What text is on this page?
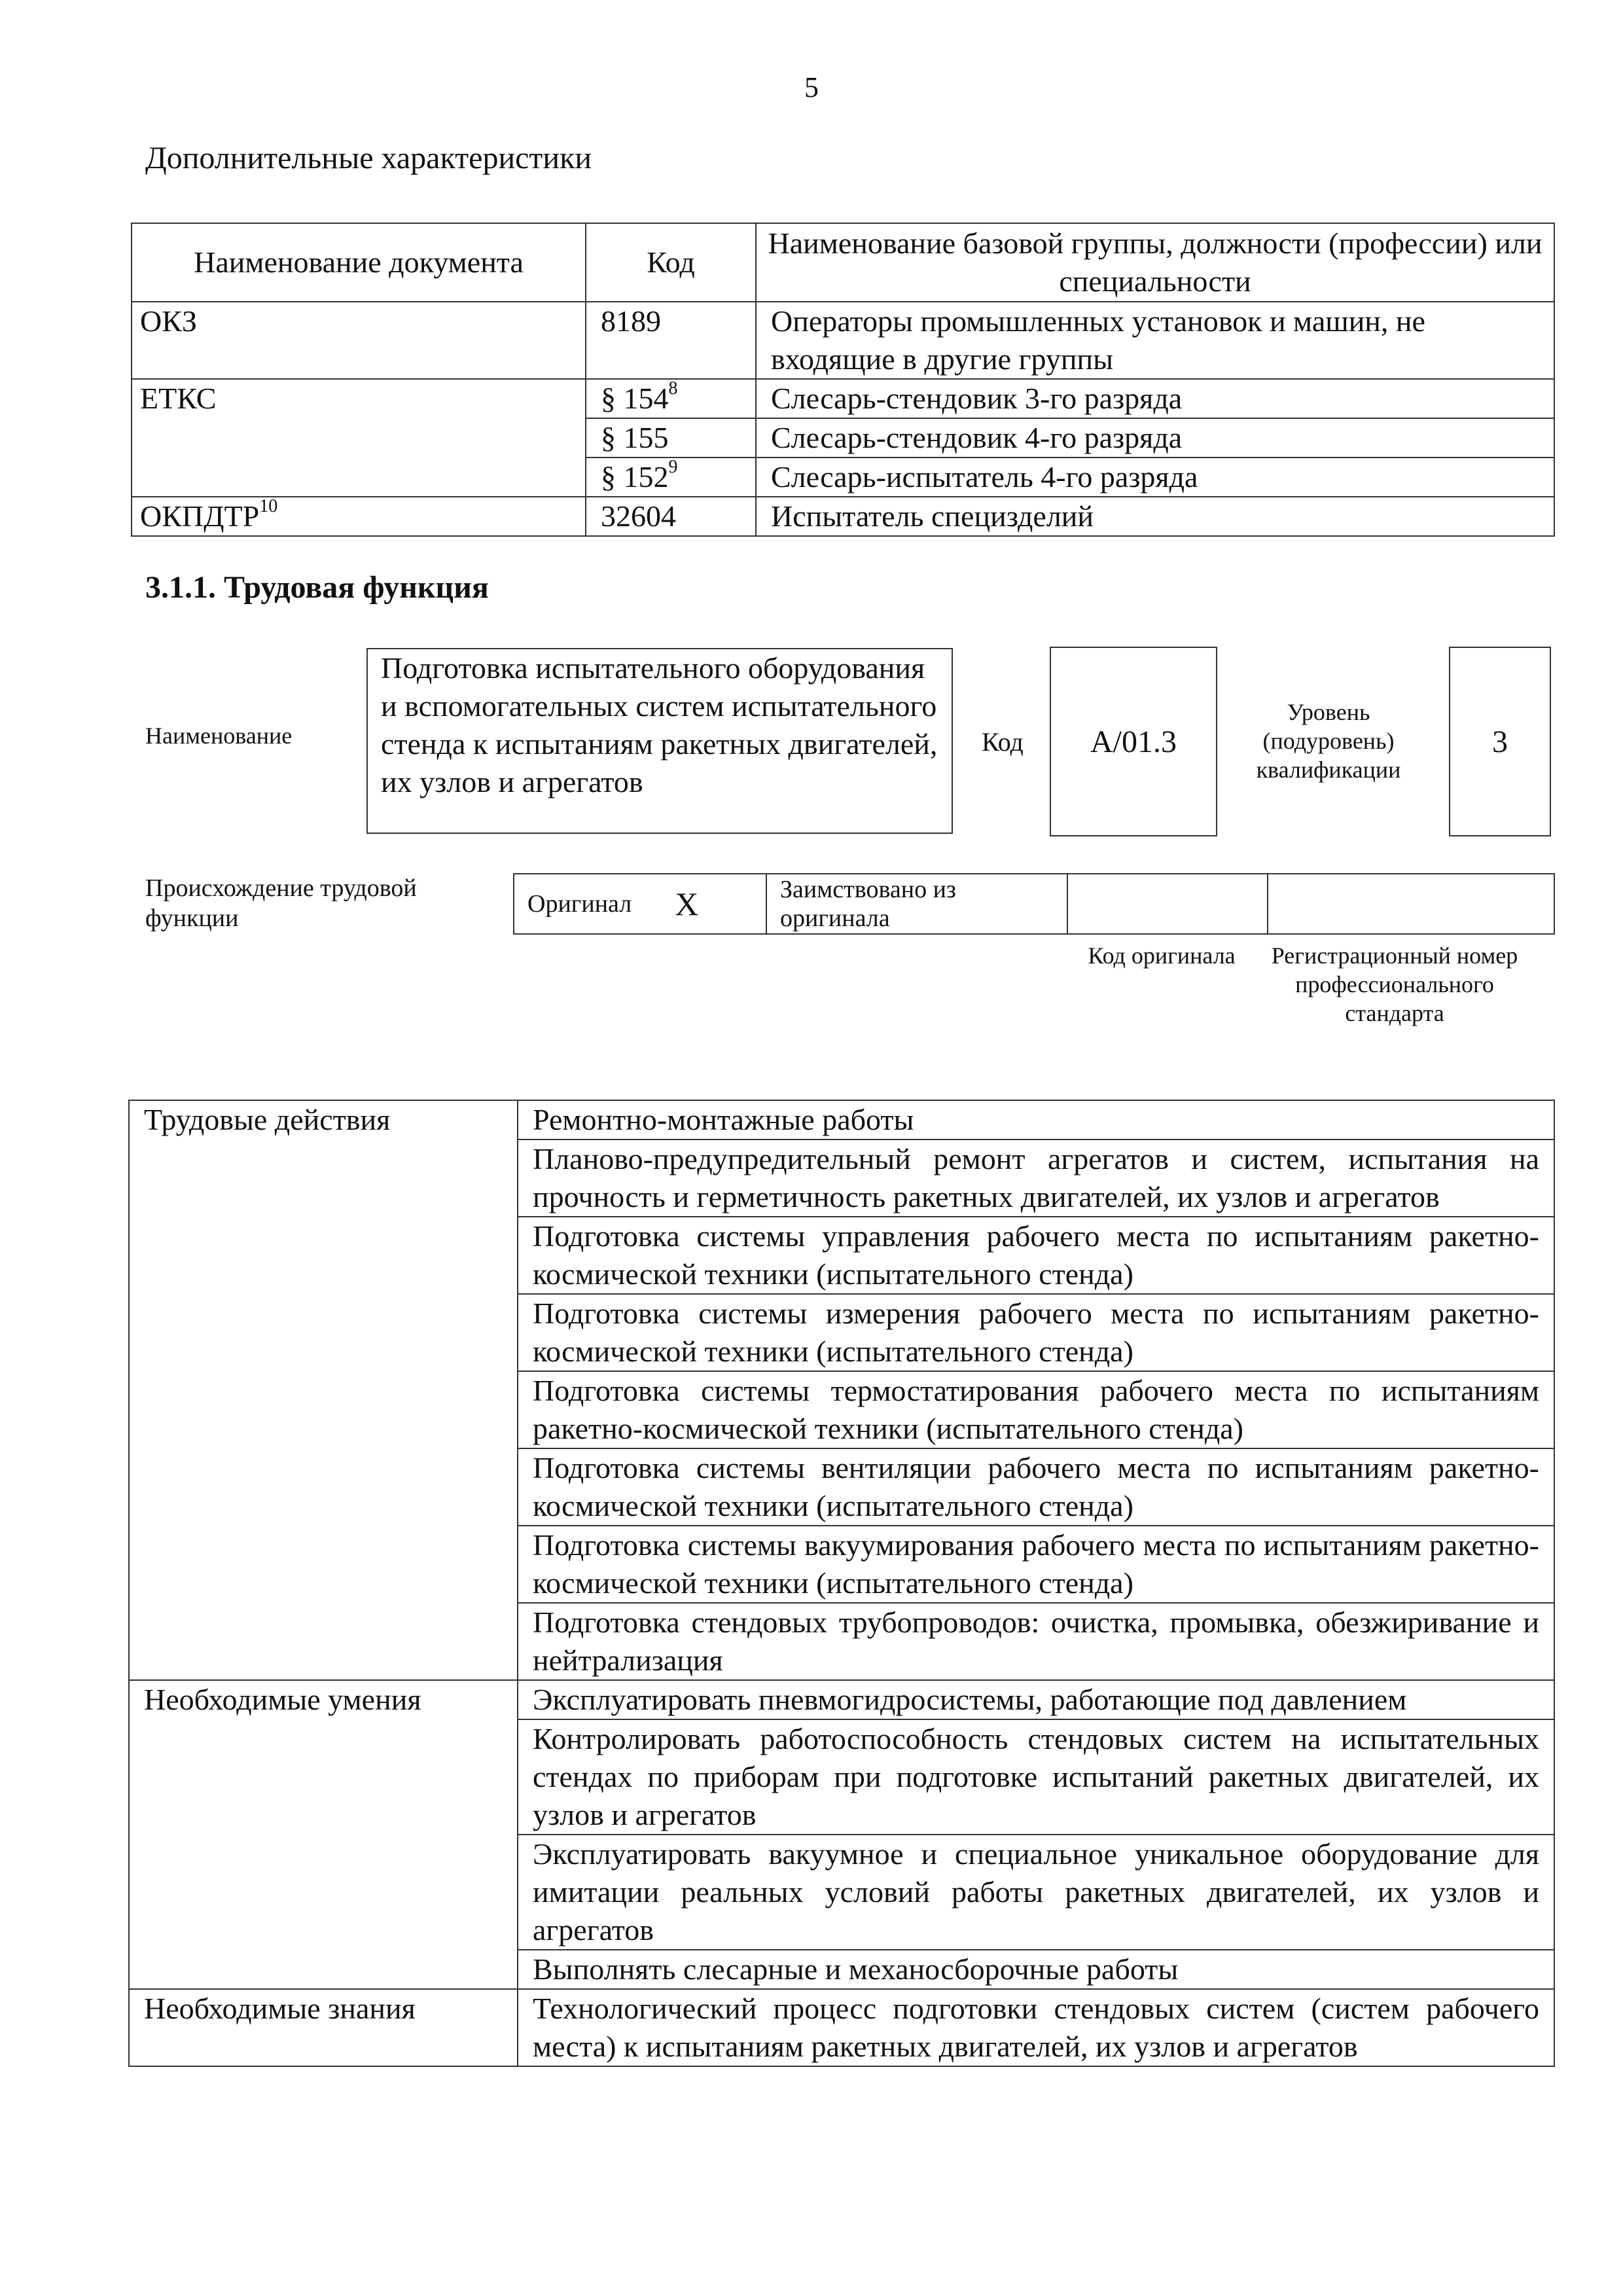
5
Дополнительные характеристики
Наименование документа	Код	Наименование базовой группы, должности (профессии) или специальности
ОКЗ	8189	Операторы промышленных установок и машин, не входящие в другие группы
ЕТКС	§ $154^8$	Слесарь-стендовик 3-го разряда
	§ 155	Слесарь-стендовик 4-го разряда
	§ $152^9$	Слесарь-испытатель 4-го разряда
ОКПДТР$^{10}$	32604	Испытатель специзделий
3.1.1. Трудовая функция
Наименование
Подготовка испытательного оборудования и вспомогательных систем испытательного стенда к испытаниям ракетных двигателей, их узлов и агрегатов
Код A/01.3
Уровень (подуровень) квалификации
3
Происхождение трудовой функции
Оригинал X	Заимствовано из оригинала		
Код оригинала	Регистрационный номер профессионального стандарта
Трудовые действия	Ремонтно-монтажные работы
	Планово-предупредительный ремонт агрегатов и систем, испытания на прочность и герметичность ракетных двигателей, их узлов и агрегатов
	Подготовка системы управления рабочего места по испытаниям ракетно-космической техники (испытательного стенда)
	Подготовка системы измерения рабочего места по испытаниям ракетно-космической техники (испытательного стенда)
	Подготовка системы термостатирования рабочего места по испытаниям ракетно-космической техники (испытательного стенда)
	Подготовка системы вентиляции рабочего места по испытаниям ракетно-космической техники (испытательного стенда)
	Подготовка системы вакуумирования рабочего места по испытаниям ракетно-космической техники (испытательного стенда)
	Подготовка стендовых трубопроводов: очистка, промывка, обезжиривание и нейтрализация
Необходимые умения	Эксплуатировать пневмогидросистемы, работающие под давлением
	Контролировать работоспособность стендовых систем на испытательных стендах по приборам при подготовке испытаний ракетных двигателей, их узлов и агрегатов
	Эксплуатировать вакуумное и специальное уникальное оборудование для имитации реальных условий работы ракетных двигателей, их узлов и агрегатов
	Выполнять слесарные и механосборочные работы
Необходимые знания	Технологический процесс подготовки стендовых систем (систем рабочего места) к испытаниям ракетных двигателей, их узлов и агрегатов
